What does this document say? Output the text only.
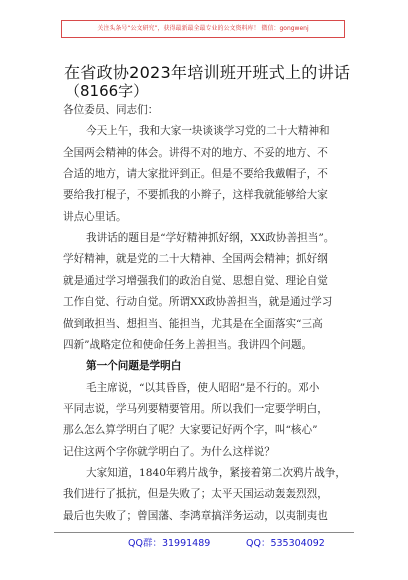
关注头条号“公文研究”，获得最新最全最专业的公文资料库！ 微信：gongwenj
在省政协2023年培训班开班式上的讲话
（8166字）
各位委员、同志们：
今天上午，我和大家一块谈谈学习党的二十大精神和
全国两会精神的体会。讲得不对的地方、不妥的地方、不
合适的地方，请大家批评到正。但是不要给我戴帽子，不
要给我打棍子，不要抓我的小辫子，这样我就能够给大家
讲点心里话。
我讲话的题目是“学好精神抓好纲，XX政协善担当”。
学好精神，就是党的二十大精神、全国两会精神；抓好纲
就是通过学习增强我们的政治自觉、思想自觉、理论自觉
工作自觉、行动自觉。所谓XX政协善担当，就是通过学习
做到敢担当、想担当、能担当，尤其是在全面落实“三高
四新”战略定位和使命任务上善担当。我讲四个问题。
第一个问题是学明白
毛主席说，“以其昏昏，使人昭昭”是不行的。邓小
平同志说，学马列要精要管用。所以我们一定要学明白，
那么怎么算学明白了呢？大家要记好两个字，叫“核心”
记住这两个字你就学明白了。为什么这样说？
大家知道，1840年鸦片战争，紧接着第二次鸦片战争，
我们进行了抵抗，但是失败了；太平天国运动轰轰烈烈，
最后也失败了；曾国藩、李鸿章搞洋务运动，以夷制夷也
QQ群：31991489	QQ：535304092
